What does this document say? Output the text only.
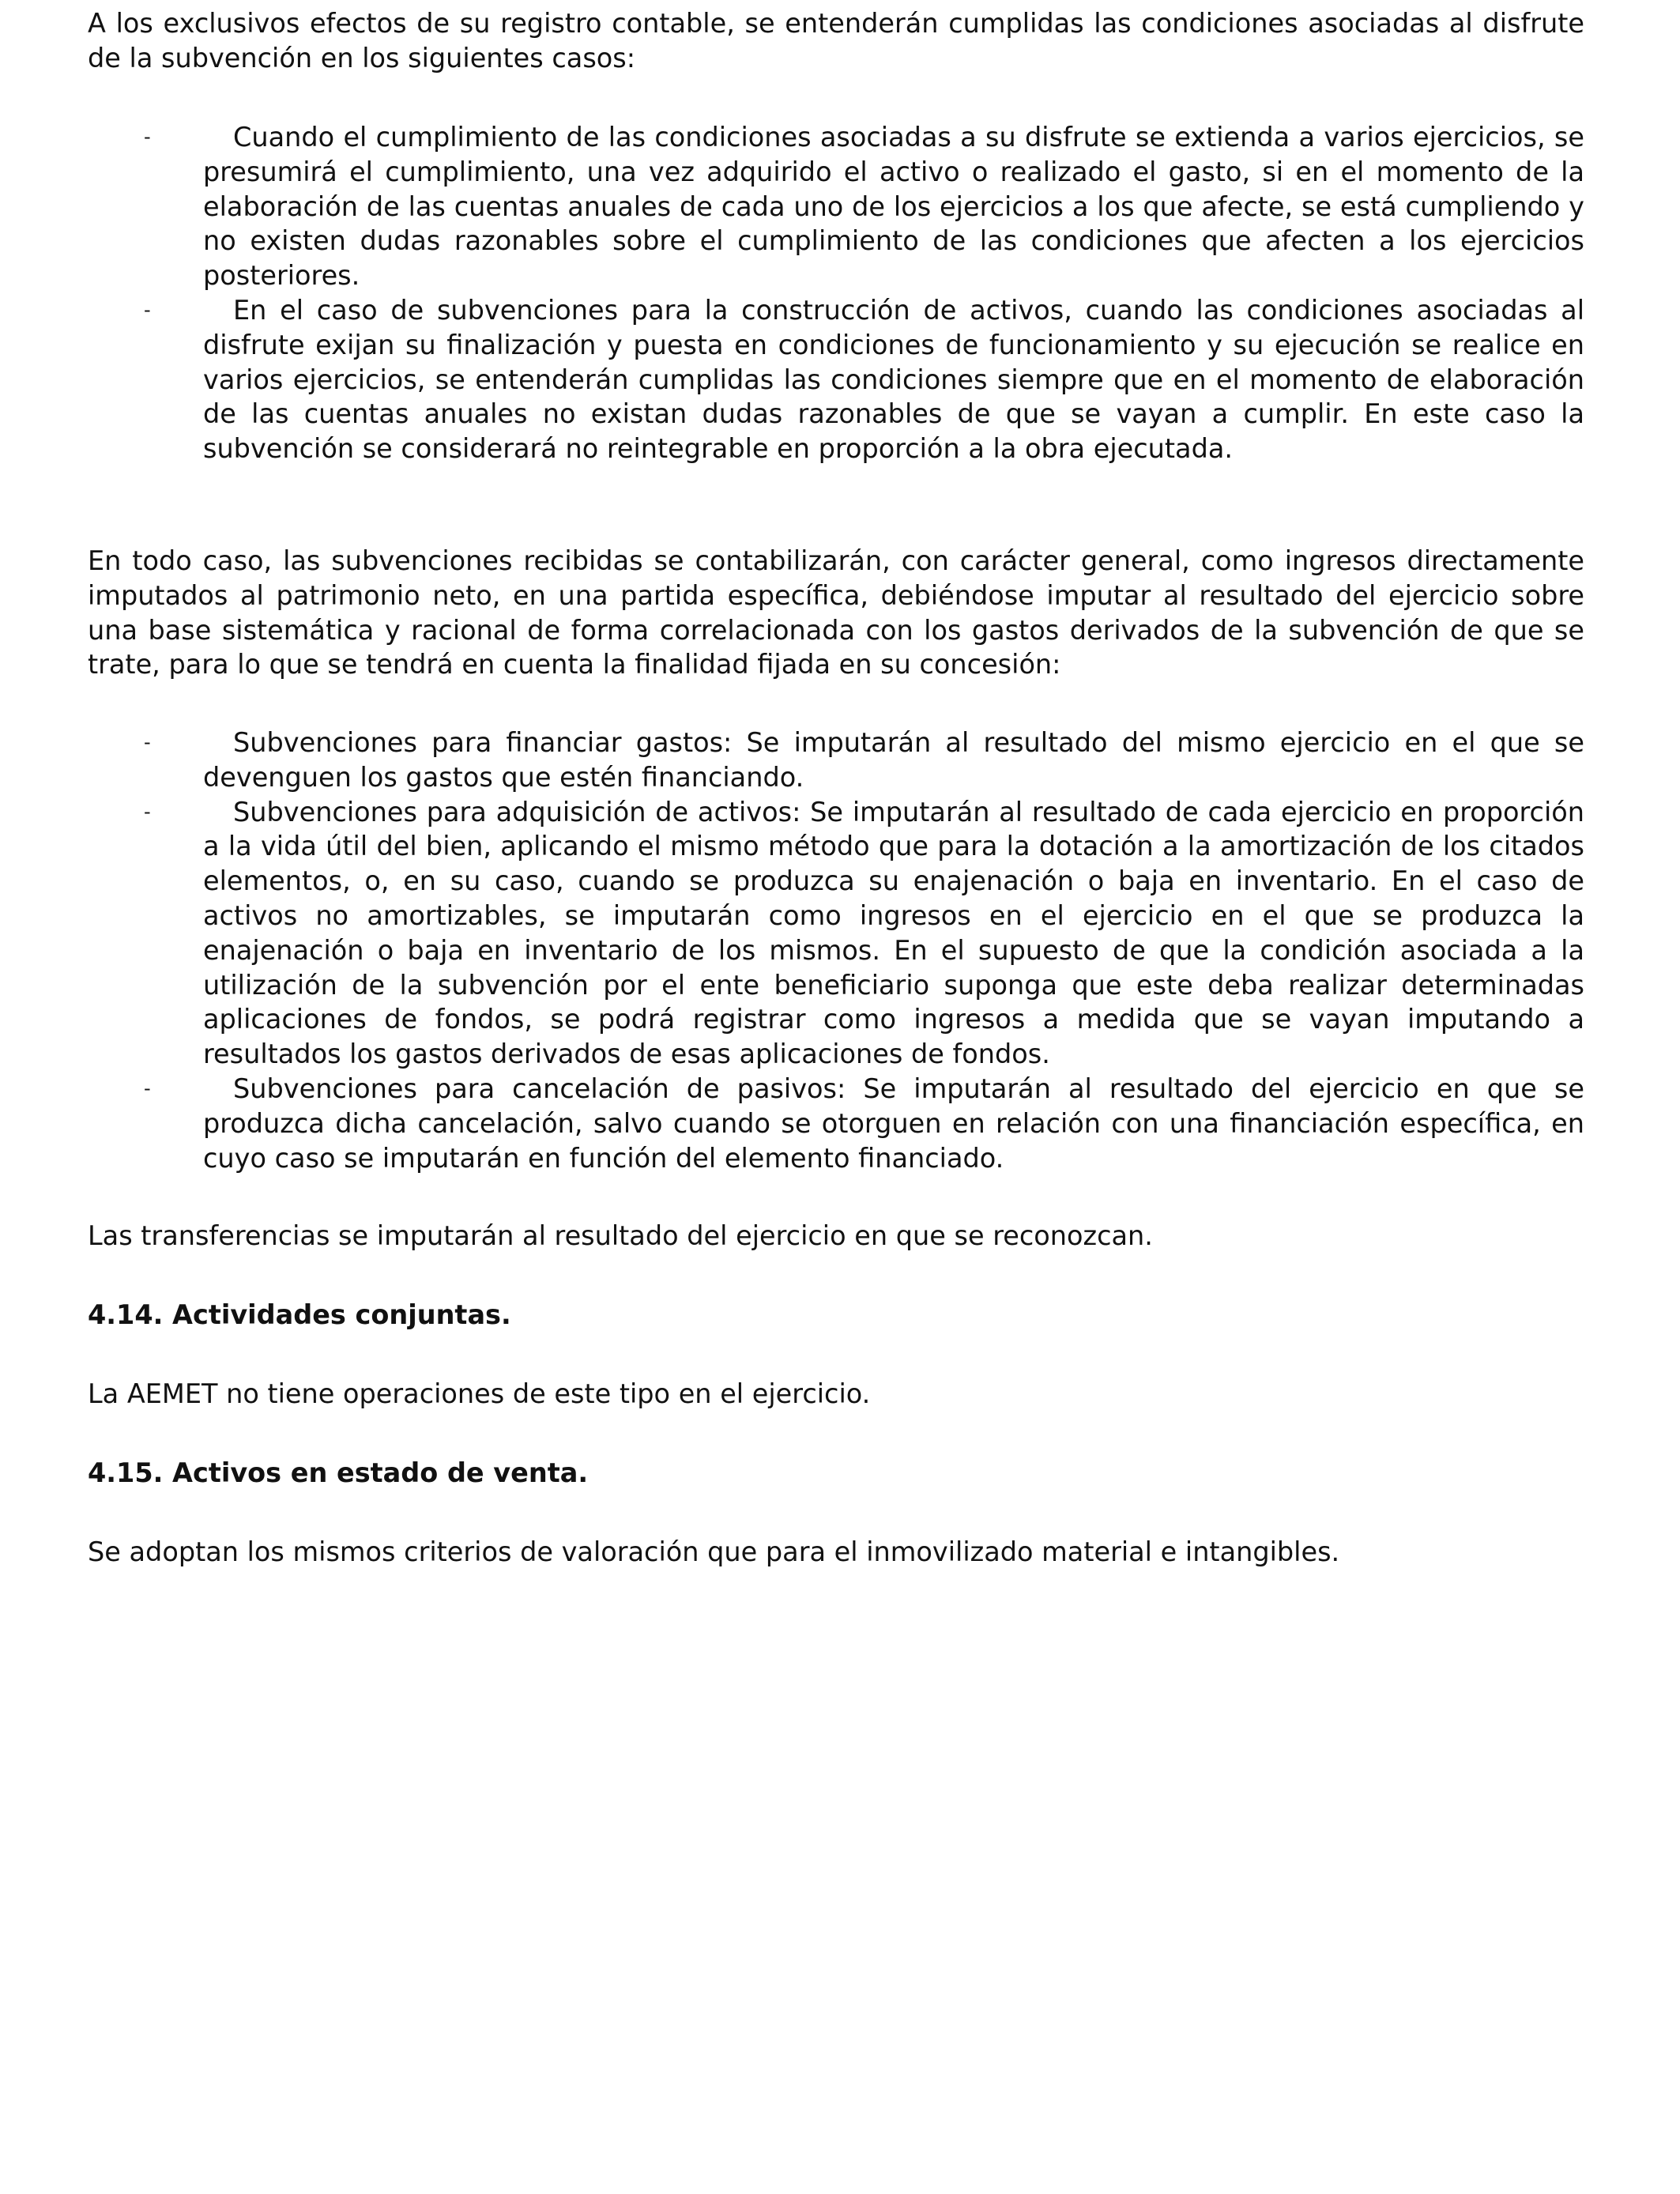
A los exclusivos efectos de su registro contable, se entenderán cumplidas las condiciones asociadas al disfrute de la subvención en los siguientes casos:

-	Cuando el cumplimiento de las condiciones asociadas a su disfrute se extienda a varios ejercicios, se presumirá el cumplimiento, una vez adquirido el activo o realizado el gasto, si en el momento de la elaboración de las cuentas anuales de cada uno de los ejercicios a los que afecte, se está cumpliendo y no existen dudas razonables sobre el cumplimiento de las condiciones que afecten a los ejercicios posteriores.

-	En el caso de subvenciones para la construcción de activos, cuando las condiciones asociadas al disfrute exijan su finalización y puesta en condiciones de funcionamiento y su ejecución se realice en varios ejercicios, se entenderán cumplidas las condiciones siempre que en el momento de elaboración de las cuentas anuales no existan dudas razonables de que se vayan a cumplir. En este caso la subvención se considerará no reintegrable en proporción a la obra ejecutada.

En todo caso, las subvenciones recibidas se contabilizarán, con carácter general, como ingresos directamente imputados al patrimonio neto, en una partida específica, debiéndose imputar al resultado del ejercicio sobre una base sistemática y racional de forma correlacionada con los gastos derivados de la subvención de que se trate, para lo que se tendrá en cuenta la finalidad fijada en su concesión:

-	Subvenciones para financiar gastos: Se imputarán al resultado del mismo ejercicio en el que se devenguen los gastos que estén financiando.

-	Subvenciones para adquisición de activos: Se imputarán al resultado de cada ejercicio en proporción a la vida útil del bien, aplicando el mismo método que para la dotación a la amortización de los citados elementos, o, en su caso, cuando se produzca su enajenación o baja en inventario. En el caso de activos no amortizables, se imputarán como ingresos en el ejercicio en el que se produzca la enajenación o baja en inventario de los mismos. En el supuesto de que la condición asociada a la utilización de la subvención por el ente beneficiario suponga que este deba realizar determinadas aplicaciones de fondos, se podrá registrar como ingresos a medida que se vayan imputando a resultados los gastos derivados de esas aplicaciones de fondos.

-	Subvenciones para cancelación de pasivos: Se imputarán al resultado del ejercicio en que se produzca dicha cancelación, salvo cuando se otorguen en relación con una financiación específica, en cuyo caso se imputarán en función del elemento financiado.

Las transferencias se imputarán al resultado del ejercicio en que se reconozcan.

4.14. Actividades conjuntas.

La AEMET no tiene operaciones de este tipo en el ejercicio.

4.15. Activos en estado de venta.

Se adoptan los mismos criterios de valoración que para el inmovilizado material e intangibles.
